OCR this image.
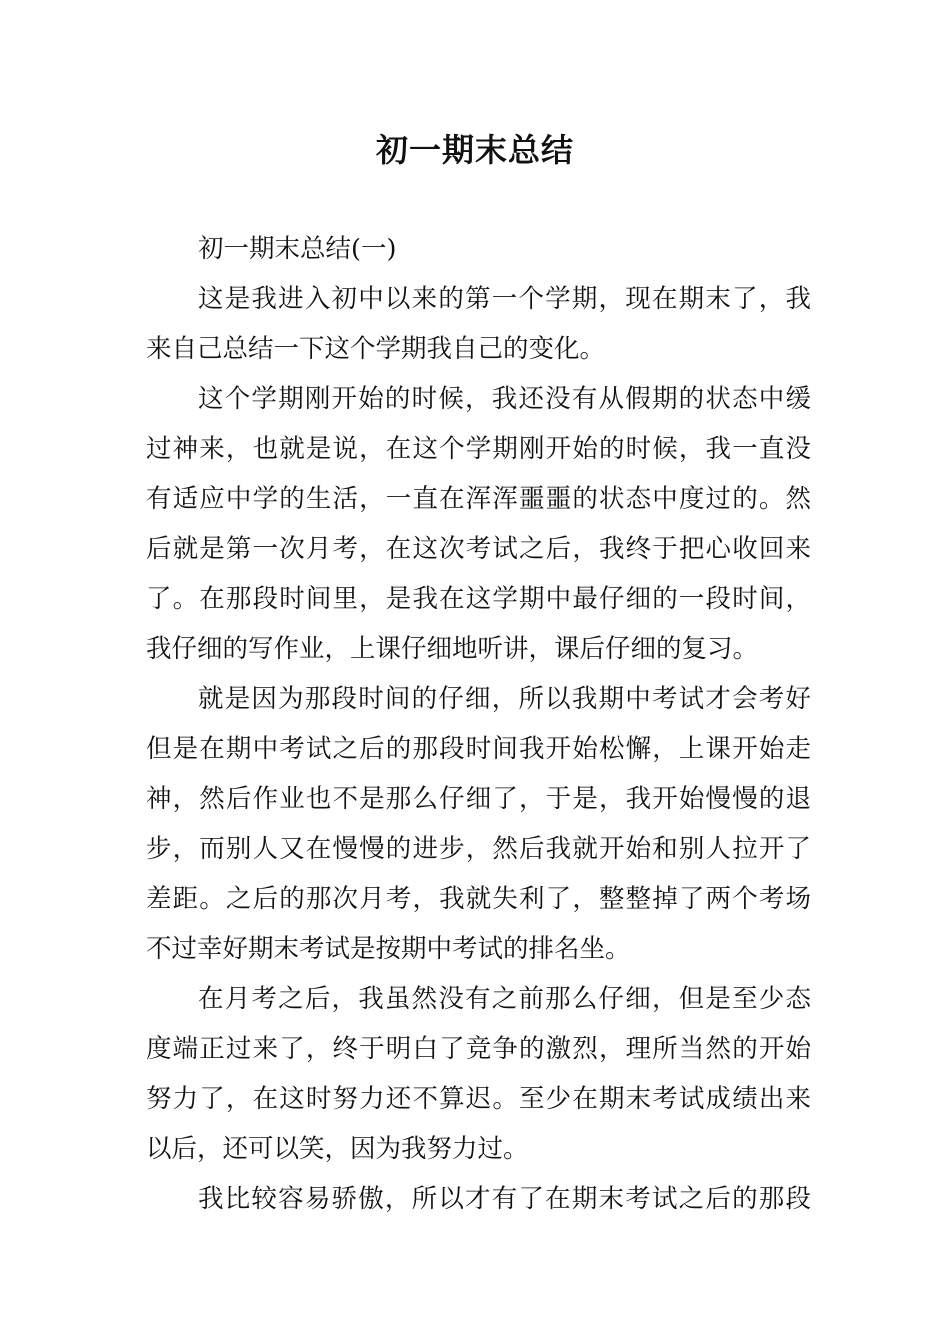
初一期末总结
初一期末总结(一)
这是我进入初中以来的第一个学期，现在期末了，我
来自己总结一下这个学期我自己的变化。
这个学期刚开始的时候，我还没有从假期的状态中缓
过神来，也就是说，在这个学期刚开始的时候，我一直没
有适应中学的生活，一直在浑浑噩噩的状态中度过的。然
后就是第一次月考，在这次考试之后，我终于把心收回来
了。在那段时间里，是我在这学期中最仔细的一段时间，
我仔细的写作业，上课仔细地听讲，课后仔细的复习。
就是因为那段时间的仔细，所以我期中考试才会考好
但是在期中考试之后的那段时间我开始松懈，上课开始走
神，然后作业也不是那么仔细了，于是，我开始慢慢的退
步，而别人又在慢慢的进步，然后我就开始和别人拉开了
差距。之后的那次月考，我就失利了，整整掉了两个考场
不过幸好期末考试是按期中考试的排名坐。
在月考之后，我虽然没有之前那么仔细，但是至少态
度端正过来了，终于明白了竞争的激烈，理所当然的开始
努力了，在这时努力还不算迟。至少在期末考试成绩出来
以后，还可以笑，因为我努力过。
我比较容易骄傲，所以才有了在期末考试之后的那段
